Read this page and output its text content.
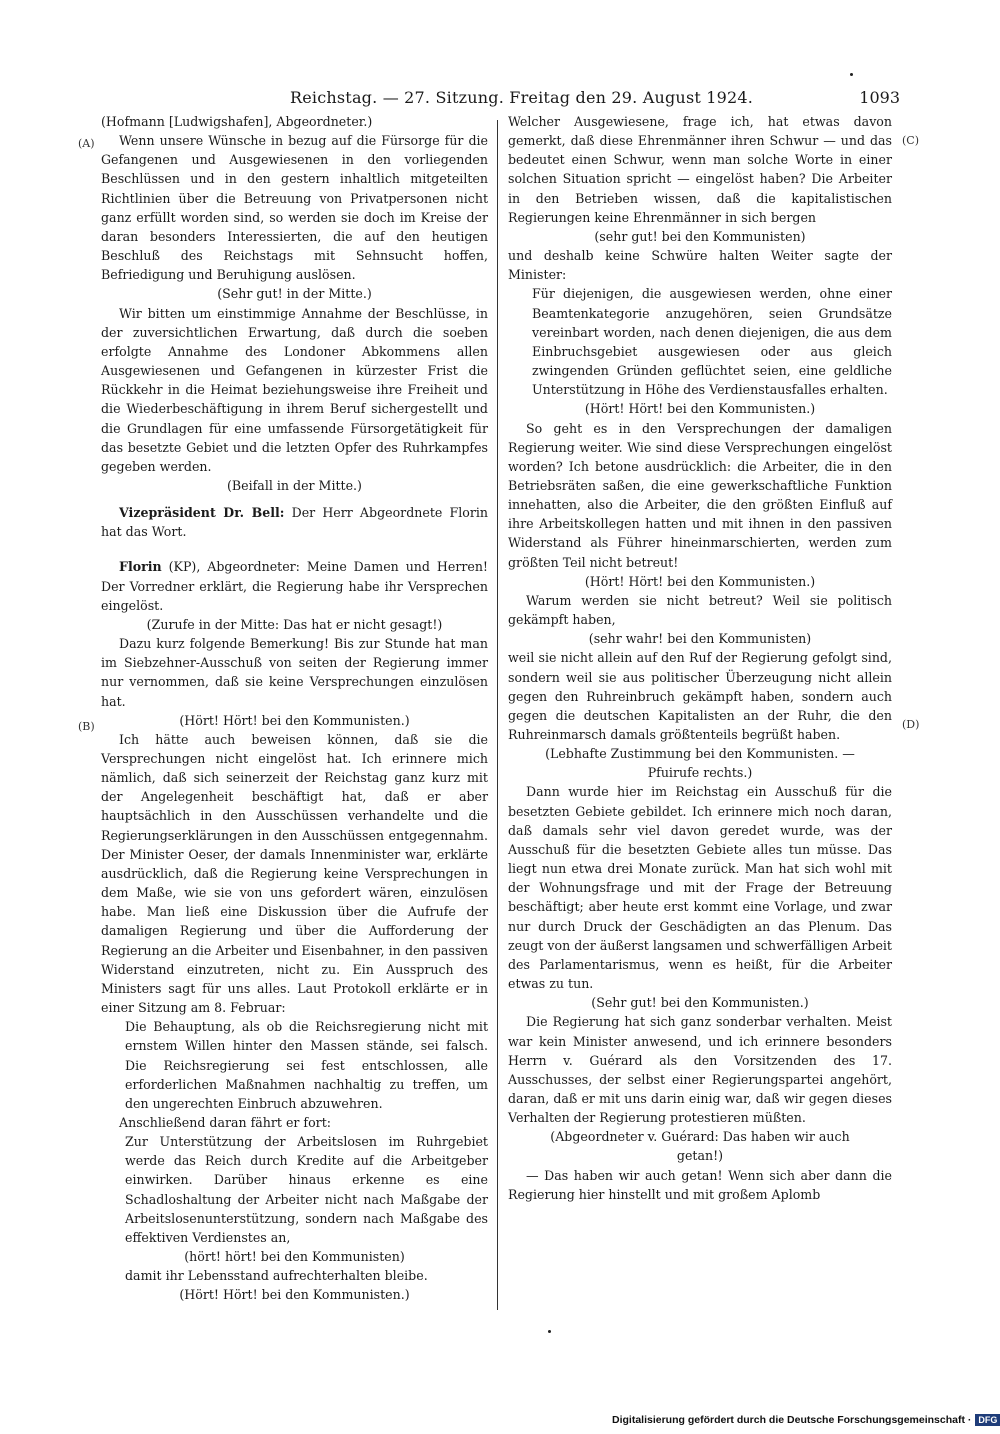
Reichstag. — 27. Sitzung. Freitag den 29. August 1924.	1093
(A)
(B)
(C)
(D)

(Hofmann [Ludwigshafen], Abgeordneter.)

Wenn unsere Wünsche in bezug auf die Fürsorge für die Gefangenen und Ausgewiesenen in den vorliegenden Beschlüssen und in den gestern inhaltlich mitgeteilten Richtlinien über die Betreuung von Privatpersonen nicht ganz erfüllt worden sind, so werden sie doch im Kreise der daran besonders Interessierten, die auf den heutigen Beschluß des Reichstags mit Sehnsucht hoffen, Befriedigung und Beruhigung auslösen.

(Sehr gut! in der Mitte.)

Wir bitten um einstimmige Annahme der Beschlüsse, in der zuversichtlichen Erwartung, daß durch die soeben erfolgte Annahme des Londoner Abkommens allen Ausgewiesenen und Gefangenen in kürzester Frist die Rückkehr in die Heimat beziehungsweise ihre Freiheit und die Wiederbeschäftigung in ihrem Beruf sichergestellt und die Grundlagen für eine umfassende Fürsorgetätigkeit für das besetzte Gebiet und die letzten Opfer des Ruhrkampfes gegeben werden.

(Beifall in der Mitte.)

Vizepräsident Dr. Bell: Der Herr Abgeordnete Florin hat das Wort.

Florin (KP), Abgeordneter: Meine Damen und Herren! Der Vorredner erklärt, die Regierung habe ihr Versprechen eingelöst.

(Zurufe in der Mitte: Das hat er nicht gesagt!)

Dazu kurz folgende Bemerkung! Bis zur Stunde hat man im Siebzehner-Ausschuß von seiten der Regierung immer nur vernommen, daß sie keine Versprechungen einzulösen hat.

(Hört! Hört! bei den Kommunisten.)

Ich hätte auch beweisen können, daß sie die Versprechungen nicht eingelöst hat. Ich erinnere mich nämlich, daß sich seinerzeit der Reichstag ganz kurz mit der Angelegenheit beschäftigt hat, daß er aber hauptsächlich in den Ausschüssen verhandelte und die Regierungserklärungen in den Ausschüssen entgegennahm. Der Minister Oeser, der damals Innenminister war, erklärte ausdrücklich, daß die Regierung keine Versprechungen in dem Maße, wie sie von uns gefordert wären, einzulösen habe. Man ließ eine Diskussion über die Aufrufe der damaligen Regierung und über die Aufforderung der Regierung an die Arbeiter und Eisenbahner, in den passiven Widerstand einzutreten, nicht zu. Ein Ausspruch des Ministers sagt für uns alles. Laut Protokoll erklärte er in einer Sitzung am 8. Februar:

Die Behauptung, als ob die Reichsregierung nicht mit ernstem Willen hinter den Massen stände, sei falsch. Die Reichsregierung sei fest entschlossen, alle erforderlichen Maßnahmen nachhaltig zu treffen, um den ungerechten Einbruch abzuwehren.

Anschließend daran fährt er fort:

Zur Unterstützung der Arbeitslosen im Ruhrgebiet werde das Reich durch Kredite auf die Arbeitgeber einwirken. Darüber hinaus erkenne es eine Schadloshaltung der Arbeiter nicht nach Maßgabe der Arbeitslosenunterstützung, sondern nach Maßgabe des effektiven Verdienstes an,

(hört! hört! bei den Kommunisten)

damit ihr Lebensstand aufrechterhalten bleibe.

(Hört! Hört! bei den Kommunisten.)

Welcher Ausgewiesene, frage ich, hat etwas davon gemerkt, daß diese Ehrenmänner ihren Schwur — und das bedeutet einen Schwur, wenn man solche Worte in einer solchen Situation spricht — eingelöst haben? Die Arbeiter in den Betrieben wissen, daß die kapitalistischen Regierungen keine Ehrenmänner in sich bergen

(sehr gut! bei den Kommunisten)

und deshalb keine Schwüre halten Weiter sagte der Minister:

Für diejenigen, die ausgewiesen werden, ohne einer Beamtenkategorie anzugehören, seien Grundsätze vereinbart worden, nach denen diejenigen, die aus dem Einbruchsgebiet ausgewiesen oder aus gleich zwingenden Gründen geflüchtet seien, eine geldliche Unterstützung in Höhe des Verdienstausfalles erhalten.

(Hört! Hört! bei den Kommunisten.)

So geht es in den Versprechungen der damaligen Regierung weiter. Wie sind diese Versprechungen eingelöst worden? Ich betone ausdrücklich: die Arbeiter, die in den Betriebsräten saßen, die eine gewerkschaftliche Funktion innehatten, also die Arbeiter, die den größten Einfluß auf ihre Arbeitskollegen hatten und mit ihnen in den passiven Widerstand als Führer hineinmarschierten, werden zum größten Teil nicht betreut!

(Hört! Hört! bei den Kommunisten.)

Warum werden sie nicht betreut? Weil sie politisch gekämpft haben,

(sehr wahr! bei den Kommunisten)

weil sie nicht allein auf den Ruf der Regierung gefolgt sind, sondern weil sie aus politischer Überzeugung nicht allein gegen den Ruhreinbruch gekämpft haben, sondern auch gegen die deutschen Kapitalisten an der Ruhr, die den Ruhreinmarsch damals größtenteils begrüßt haben.

(Lebhafte Zustimmung bei den Kommunisten. —

Pfuirufe rechts.)

Dann wurde hier im Reichstag ein Ausschuß für die besetzten Gebiete gebildet. Ich erinnere mich noch daran, daß damals sehr viel davon geredet wurde, was der Ausschuß für die besetzten Gebiete alles tun müsse. Das liegt nun etwa drei Monate zurück. Man hat sich wohl mit der Wohnungsfrage und mit der Frage der Betreuung beschäftigt; aber heute erst kommt eine Vorlage, und zwar nur durch Druck der Geschädigten an das Plenum. Das zeugt von der äußerst langsamen und schwerfälligen Arbeit des Parlamentarismus, wenn es heißt, für die Arbeiter etwas zu tun.

(Sehr gut! bei den Kommunisten.)

Die Regierung hat sich ganz sonderbar verhalten. Meist war kein Minister anwesend, und ich erinnere besonders Herrn v. Guérard als den Vorsitzenden des 17. Ausschusses, der selbst einer Regierungspartei angehört, daran, daß er mit uns darin einig war, daß wir gegen dieses Verhalten der Regierung protestieren müßten.

(Abgeordneter v. Guérard: Das haben wir auch

getan!)

— Das haben wir auch getan! Wenn sich aber dann die Regierung hier hinstellt und mit großem Aplomb

Digitalisierung gefördert durch die Deutsche Forschungsgemeinschaft · DFG
